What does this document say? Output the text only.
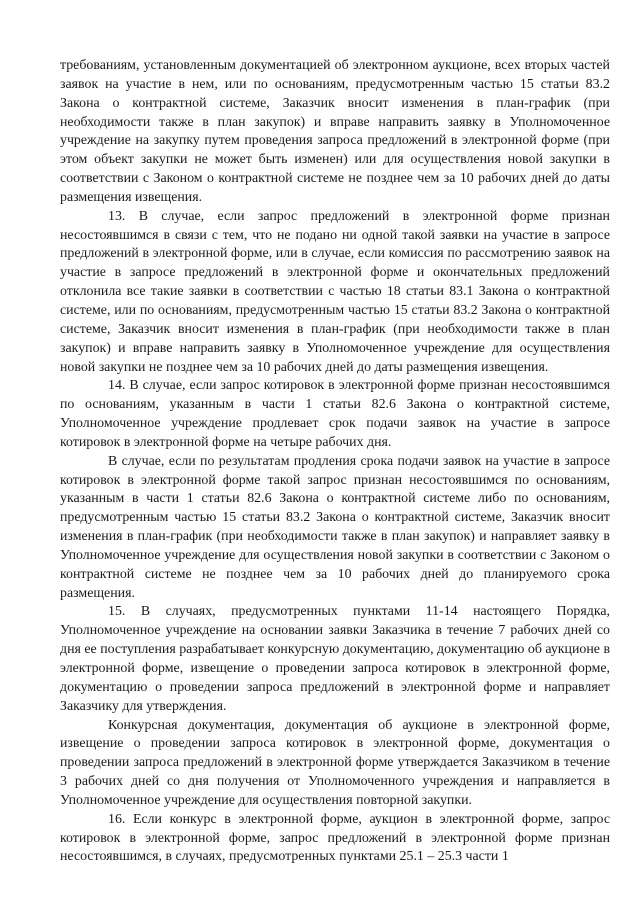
требованиям, установленным документацией об электронном аукционе, всех вторых частей заявок на участие в нем, или по основаниям, предусмотренным частью 15 статьи 83.2 Закона о контрактной системе, Заказчик вносит изменения в план-график (при необходимости также в план закупок) и вправе направить заявку в Уполномоченное учреждение на закупку путем проведения запроса предложений в электронной форме (при этом объект закупки не может быть изменен) или для осуществления новой закупки в соответствии с Законом о контрактной системе не позднее чем за 10 рабочих дней до даты размещения извещения.

13. В случае, если запрос предложений в электронной форме признан несостоявшимся в связи с тем, что не подано ни одной такой заявки на участие в запросе предложений в электронной форме, или в случае, если комиссия по рассмотрению заявок на участие в запросе предложений в электронной форме и окончательных предложений отклонила все такие заявки в соответствии с частью 18 статьи 83.1 Закона о контрактной системе, или по основаниям, предусмотренным частью 15 статьи 83.2 Закона о контрактной системе, Заказчик вносит изменения в план-график (при необходимости также в план закупок) и вправе направить заявку в Уполномоченное учреждение для осуществления новой закупки не позднее чем за 10 рабочих дней до даты размещения извещения.

14. В случае, если запрос котировок в электронной форме признан несостоявшимся по основаниям, указанным в части 1 статьи 82.6 Закона о контрактной системе, Уполномоченное учреждение продлевает срок подачи заявок на участие в запросе котировок в электронной форме на четыре рабочих дня.

В случае, если по результатам продления срока подачи заявок на участие в запросе котировок в электронной форме такой запрос признан несостоявшимся по основаниям, указанным в части 1 статьи 82.6 Закона о контрактной системе либо по основаниям, предусмотренным частью 15 статьи 83.2 Закона о контрактной системе, Заказчик вносит изменения в план-график (при необходимости также в план закупок) и направляет заявку в Уполномоченное учреждение для осуществления новой закупки в соответствии с Законом о контрактной системе не позднее чем за 10 рабочих дней до планируемого срока размещения.

15. В случаях, предусмотренных пунктами 11-14 настоящего Порядка, Уполномоченное учреждение на основании заявки Заказчика в течение 7 рабочих дней со дня ее поступления разрабатывает конкурсную документацию, документацию об аукционе в электронной форме, извещение о проведении запроса котировок в электронной форме, документацию о проведении запроса предложений в электронной форме и направляет Заказчику для утверждения.

Конкурсная документация, документация об аукционе в электронной форме, извещение о проведении запроса котировок в электронной форме, документация о проведении запроса предложений в электронной форме утверждается Заказчиком в течение 3 рабочих дней со дня получения от Уполномоченного учреждения и направляется в Уполномоченное учреждение для осуществления повторной закупки.

16. Если конкурс в электронной форме, аукцион в электронной форме, запрос котировок в электронной форме, запрос предложений в электронной форме признан несостоявшимся, в случаях, предусмотренных пунктами 25.1 – 25.3 части 1
